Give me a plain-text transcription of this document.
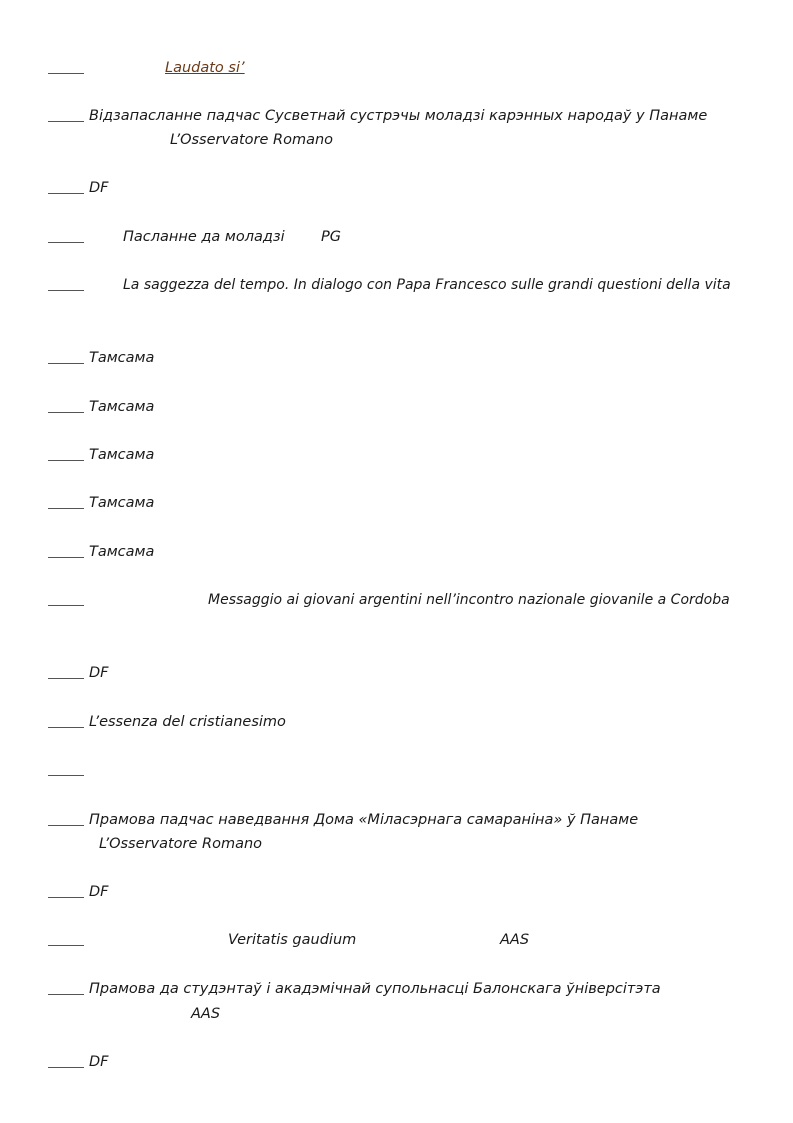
Laudato si’
Відзапасланне падчас Сусветнай сустрэчы моладзі карэнных народаў у Панаме
L’Osservatore Romano
DF
Пасланне да моладзі	PG
La saggezza del tempo. In dialogo con Papa Francesco sulle grandi questioni della vita
Тамсама
Тамсама
Тамсама
Тамсама
Тамсама
Messaggio ai giovani argentini nell’incontro nazionale giovanile a Cordoba
DF
L’essenza del cristianesimo
Прамова падчас наведвання Дома «Міласэрнага самараніна» ў Панаме
L’Osservatore Romano
DF
Veritatis gaudium	AAS
Прамова да студэнтаў і акадэмічнай супольнасці Балонскага ўніверсітэта
AAS
DF
